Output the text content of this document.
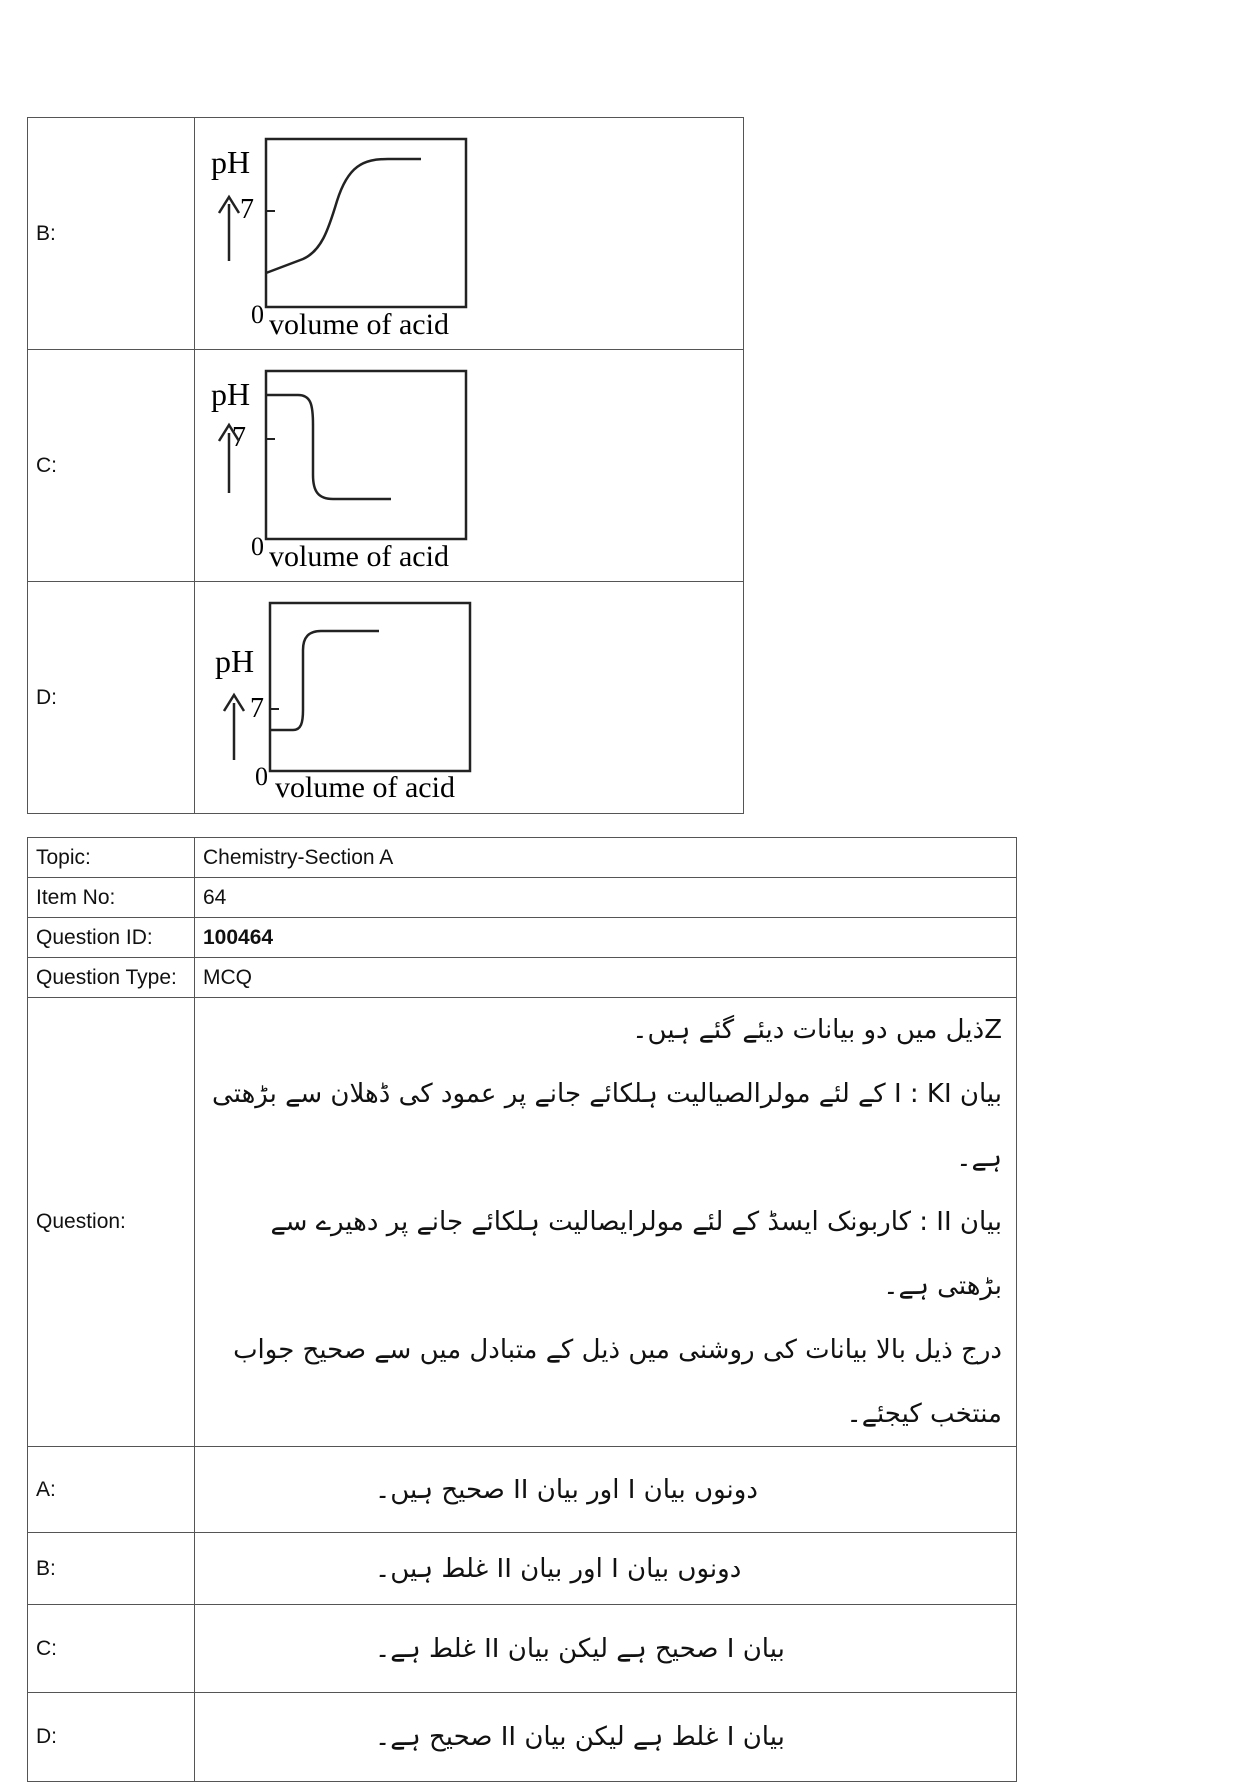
B:	pH
7
0 volume of acid

C:	pH
7
0 volume of acid

D:	pH
7
0 volume of acid
Topic:	Chemistry-Section A
Item No:	64
Question ID:	100464
Question Type:	MCQ
Question:	Zذیل میں دو بیانات دیئے گئے ہیں۔
بیان I : KI کے لئے مولرالصیالیت ہلکائے جانے پر عمود کی ڈھلان سے بڑھتی ہے۔
بیان II : کاربونک ایسڈ کے لئے مولرایصالیت ہلکائے جانے پر دھیرے سے بڑھتی ہے۔
درج ذیل بالا بیانات کی روشنی میں ذیل کے متبادل میں سے صحیح جواب منتخب کیجئے۔

A:	دونوں بیان I اور بیان II صحیح ہیں۔
B:	دونوں بیان I اور بیان II غلط ہیں۔
C:	بیان I صحیح ہے لیکن بیان II غلط ہے۔
D:	بیان I غلط ہے لیکن بیان II صحیح ہے۔
